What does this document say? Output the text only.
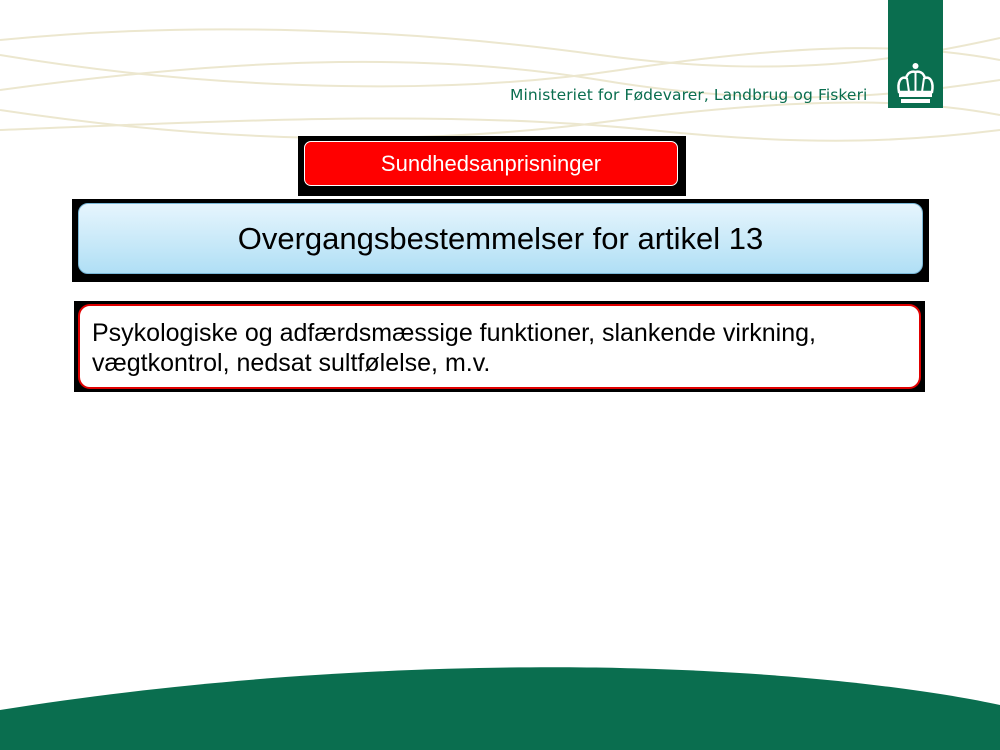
Ministeriet for Fødevarer, Landbrug og Fiskeri
Sundhedsanprisninger
Overgangsbestemmelser for artikel 13
Psykologiske og adfærdsmæssige funktioner, slankende virkning, vægtkontrol, nedsat sultfølelse, m.v.
